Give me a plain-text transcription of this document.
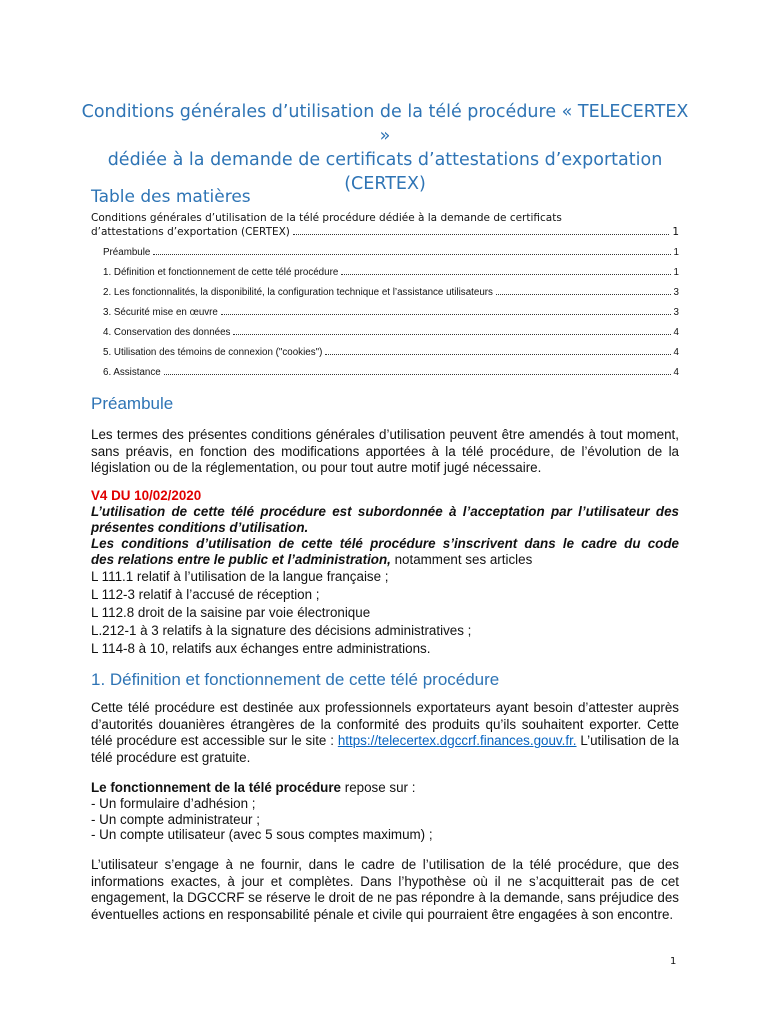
Conditions générales d’utilisation de la télé procédure « TELECERTEX »
dédiée à la demande de certificats d’attestations d’exportation
(CERTEX)
Table des matières
Conditions générales d’utilisation de la télé procédure dédiée à la demande de certificats
d’attestations d’exportation (CERTEX)	1
Préambule	1
1. Définition et fonctionnement de cette télé procédure	1
2. Les fonctionnalités, la disponibilité, la configuration technique et l’assistance utilisateurs	3
3. Sécurité mise en œuvre	3
4. Conservation des données	4
5. Utilisation des témoins de connexion ("cookies")	4
6. Assistance	4
Préambule

Les termes des présentes conditions générales d’utilisation peuvent être amendés à tout moment, sans préavis, en fonction des modifications apportées à la télé procédure, de l’évolution de la législation ou de la réglementation, ou pour tout autre motif jugé nécessaire.

V4 DU 10/02/2020
L’utilisation de cette télé procédure est subordonnée à l’acceptation par l’utilisateur des
présentes conditions d’utilisation.
Les conditions d’utilisation de cette télé procédure s’inscrivent dans le cadre du code
des relations entre le public et l’administration, notamment ses articles
L 111.1 relatif à l’utilisation de la langue française ;
L 112-3 relatif à l’accusé de réception ;
L 112.8 droit de la saisine par voie électronique
L.212-1 à 3 relatifs à la signature des décisions administratives ;
L 114-8 à 10, relatifs aux échanges entre administrations.
1. Définition et fonctionnement de cette télé procédure

Cette télé procédure est destinée aux professionnels exportateurs ayant besoin d’attester auprès d’autorités douanières étrangères de la conformité des produits qu’ils souhaitent exporter. Cette télé procédure est accessible sur le site : https://telecertex.dgccrf.finances.gouv.fr. L’utilisation de la télé procédure est gratuite.

Le fonctionnement de la télé procédure repose sur :
- Un formulaire d’adhésion ;
- Un compte administrateur ;
- Un compte utilisateur (avec 5 sous comptes maximum) ;

L’utilisateur s’engage à ne fournir, dans le cadre de l’utilisation de la télé procédure, que des informations exactes, à jour et complètes. Dans l’hypothèse où il ne s’acquitterait pas de cet engagement, la DGCCRF se réserve le droit de ne pas répondre à la demande, sans préjudice des éventuelles actions en responsabilité pénale et civile qui pourraient être engagées à son encontre.

1
